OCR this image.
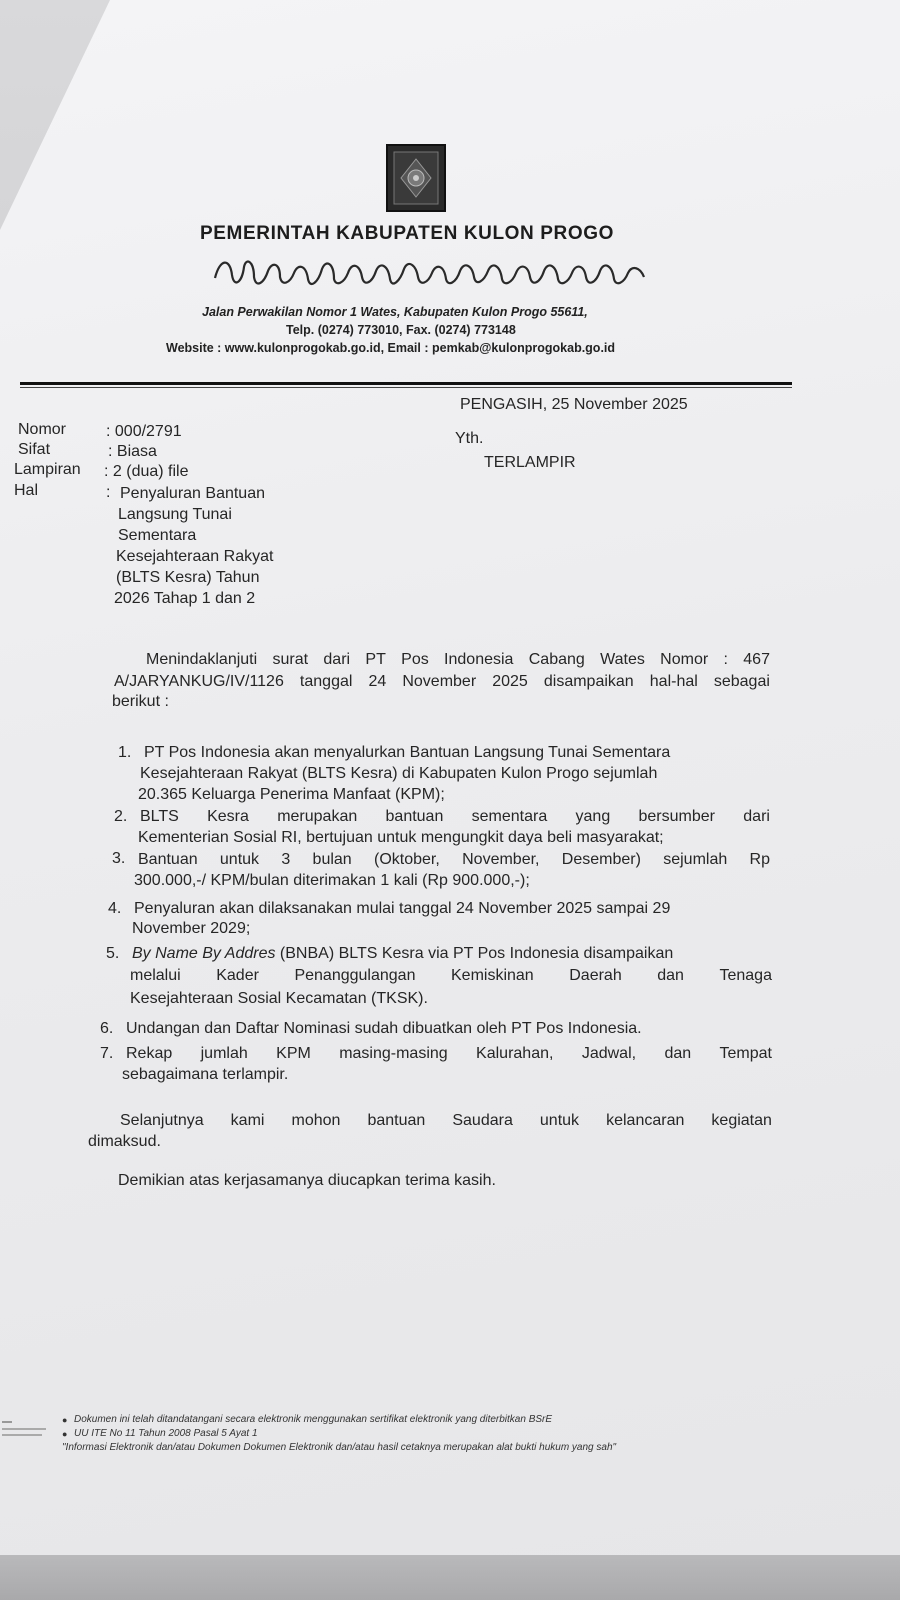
PEMERINTAH KABUPATEN KULON PROGO
Jalan Perwakilan Nomor 1 Wates, Kabupaten Kulon Progo 55611,
Telp. (0274) 773010, Fax. (0274) 773148
Website : www.kulonprogokab.go.id, Email : pemkab@kulonprogokab.go.id
PENGASIH, 25 November 2025
Nomor : 000/2791
Sifat	: Biasa
Lampiran : 2 (dua) file
Hal	: Penyaluran Bantuan
Langsung Tunai
Sementara
Kesejahteraan Rakyat
(BLTS Kesra) Tahun
2026 Tahap 1 dan 2
Yth.
TERLAMPIR
Menindaklanjuti surat dari PT Pos Indonesia Cabang Wates Nomor : 467
A/JARYANKUG/IV/1126 tanggal 24 November 2025 disampaikan hal-hal sebagai
berikut :
1. PT Pos Indonesia akan menyalurkan Bantuan Langsung Tunai Sementara
Kesejahteraan Rakyat (BLTS Kesra) di Kabupaten Kulon Progo sejumlah
20.365 Keluarga Penerima Manfaat (KPM);
2. BLTS Kesra merupakan bantuan sementara yang bersumber dari
Kementerian Sosial RI, bertujuan untuk mengungkit daya beli masyarakat;
3. Bantuan untuk 3 bulan (Oktober, November, Desember) sejumlah Rp
300.000,-/ KPM/bulan diterimakan 1 kali (Rp 900.000,-);
4. Penyaluran akan dilaksanakan mulai tanggal 24 November 2025 sampai 29
November 2029;
5. By Name By Addres (BNBA) BLTS Kesra via PT Pos Indonesia disampaikan
melalui Kader Penanggulangan Kemiskinan Daerah dan Tenaga
Kesejahteraan Sosial Kecamatan (TKSK).
6. Undangan dan Daftar Nominasi sudah dibuatkan oleh PT Pos Indonesia.
7. Rekap jumlah KPM masing-masing Kalurahan, Jadwal, dan Tempat
sebagaimana terlampir.
Selanjutnya kami mohon bantuan Saudara untuk kelancaran kegiatan
dimaksud.
Demikian atas kerjasamanya diucapkan terima kasih.
● Dokumen ini telah ditandatangani secara elektronik menggunakan sertifikat elektronik yang diterbitkan BSrE
● UU ITE No 11 Tahun 2008 Pasal 5 Ayat 1
"Informasi Elektronik dan/atau Dokumen Dokumen Elektronik dan/atau hasil cetaknya merupakan alat bukti hukum yang sah"
